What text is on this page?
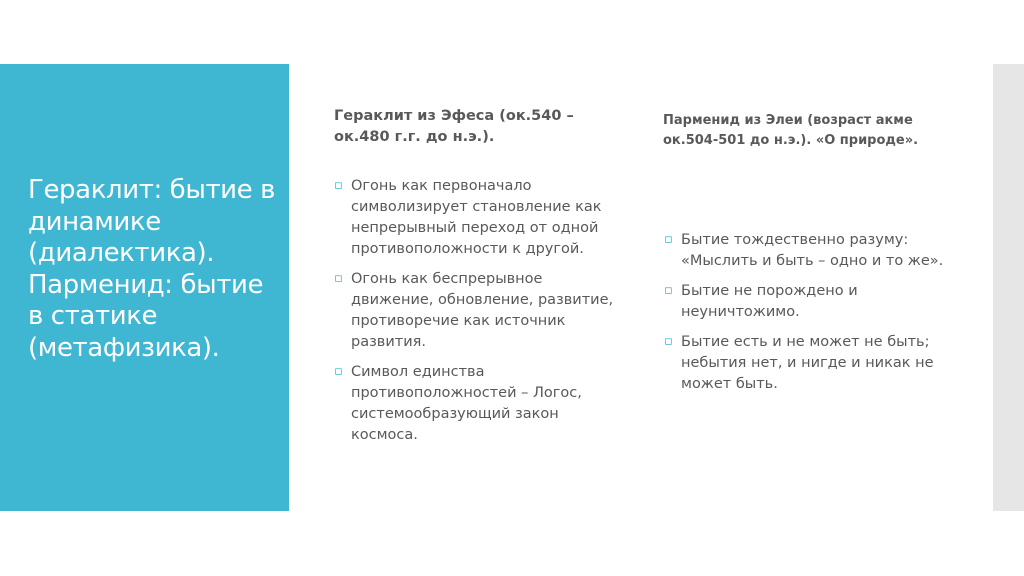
Гераклит: бытие в динамике (диалектика). Парменид: бытие в статике (метафизика).
Гераклит из Эфеса (ок.540 – ок.480 г.г. до н.э.).
▫ Огонь как первоначало символизирует становление как непрерывный переход от одной противоположности к другой.
▫ Огонь как беспрерывное движение, обновление, развитие, противоречие как источник развития.
▫ Символ единства противоположностей – Логос, системообразующий закон космоса.
Парменид из Элеи (возраст акме ок.504-501 до н.э.). «О природе».
▫ Бытие тождественно разуму: «Мыслить и быть – одно и то же».
▫ Бытие не порождено и неуничтожимо.
▫ Бытие есть и не может не быть; небытия нет, и нигде и никак не может быть.
